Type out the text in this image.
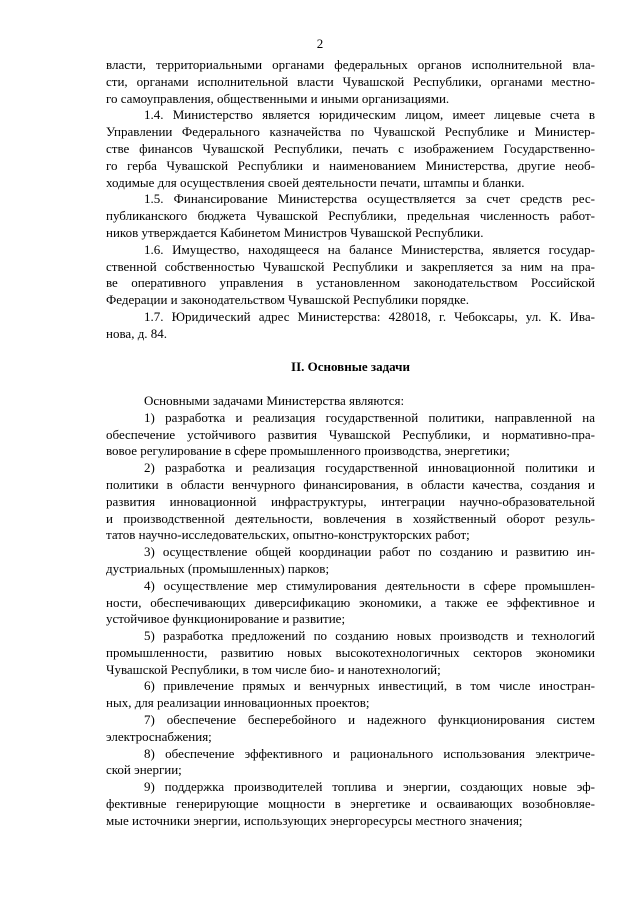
2
власти, территориальными органами федеральных органов исполнительной вла-
сти, органами исполнительной власти Чувашской Республики, органами местно-
го самоуправления, общественными и иными организациями.
1.4. Министерство является юридическим лицом, имеет лицевые счета в
Управлении Федерального казначейства по Чувашской Республике и Министер-
стве финансов Чувашской Республики, печать с изображением Государственно-
го герба Чувашской Республики и наименованием Министерства, другие необ-
ходимые для осуществления своей деятельности печати, штампы и бланки.
1.5. Финансирование Министерства осуществляется за счет средств рес-
публиканского бюджета Чувашской Республики, предельная численность работ-
ников утверждается Кабинетом Министров Чувашской Республики.
1.6. Имущество, находящееся на балансе Министерства, является государ-
ственной собственностью Чувашской Республики и закрепляется за ним на пра-
ве оперативного управления в установленном законодательством Российской
Федерации и законодательством Чувашской Республики порядке.
1.7. Юридический адрес Министерства: 428018, г. Чебоксары, ул. К. Ива-
нова, д. 84.
II. Основные задачи
Основными задачами Министерства являются:
1) разработка и реализация государственной политики, направленной на
обеспечение устойчивого развития Чувашской Республики, и нормативно-пра-
вовое регулирование в сфере промышленного производства, энергетики;
2) разработка и реализация государственной инновационной политики и
политики в области венчурного финансирования, в области качества, создания и
развития инновационной инфраструктуры, интеграции научно-образовательной
и производственной деятельности, вовлечения в хозяйственный оборот резуль-
татов научно-исследовательских, опытно-конструкторских работ;
3) осуществление общей координации работ по созданию и развитию ин-
дустриальных (промышленных) парков;
4) осуществление мер стимулирования деятельности в сфере промышлен-
ности, обеспечивающих диверсификацию экономики, а также ее эффективное и
устойчивое функционирование и развитие;
5) разработка предложений по созданию новых производств и технологий
промышленности, развитию новых высокотехнологичных секторов экономики
Чувашской Республики, в том числе био- и нанотехнологий;
6) привлечение прямых и венчурных инвестиций, в том числе иностран-
ных, для реализации инновационных проектов;
7) обеспечение бесперебойного и надежного функционирования систем
электроснабжения;
8) обеспечение эффективного и рационального использования электриче-
ской энергии;
9) поддержка производителей топлива и энергии, создающих новые эф-
фективные генерирующие мощности в энергетике и осваивающих возобновляе-
мые источники энергии, использующих энергоресурсы местного значения;
